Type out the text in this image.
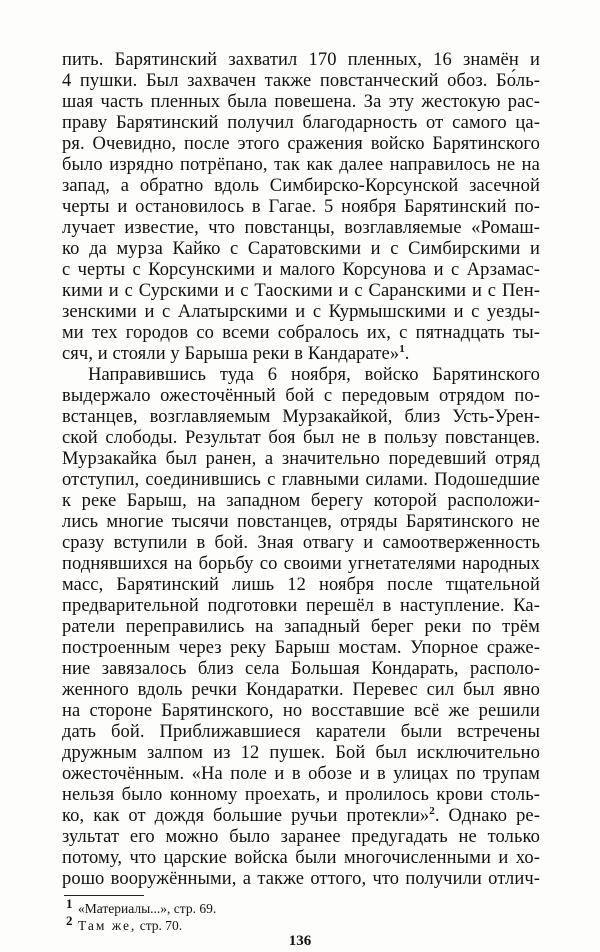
пить. Барятинский захватил 170 пленных, 16 знамён и
4 пушки. Был захвачен также повстанческий обоз. Бо́ль-
шая часть пленных была повешена. За эту жестокую рас-
праву Барятинский получил благодарность от самого ца-
ря. Очевидно, после этого сражения войско Барятинского
было изрядно потрёпано, так как далее направилось не на
запад, а обратно вдоль Симбирско-Корсунской засечной
черты и остановилось в Гагае. 5 ноября Барятинский по-
лучает известие, что повстанцы, возглавляемые «Ромаш-
ко да мурза Кайко с Саратовскими и с Симбирскими и
с черты с Корсунскими и малого Корсунова и с Арзамас-
кими и с Сурскими и с Таоскими и с Саранскими и с Пен-
зенскими и с Алатырскими и с Курмышскими и с уезды-
ми тех городов со всеми собралось их, с пятнадцать ты-
сяч, и стояли у Барыша реки в Кандарате»$^1$.
Направившись туда 6 ноября, войско Барятинского
выдержало ожесточённый бой с передовым отрядом по-
встанцев, возглавляемым Мурзакайкой, близ Усть-Урен-
ской слободы. Результат боя был не в пользу повстанцев.
Мурзакайка был ранен, а значительно поредевший отряд
отступил, соединившись с главными силами. Подошедшие
к реке Барыш, на западном берегу которой расположи-
лись многие тысячи повстанцев, отряды Барятинского не
сразу вступили в бой. Зная отвагу и самоотверженность
поднявшихся на борьбу со своими угнетателями народных
масс, Барятинский лишь 12 ноября после тщательной
предварительной подготовки перешёл в наступление. Ка-
ратели переправились на западный берег реки по трём
построенным через реку Барыш мостам. Упорное сраже-
ние завязалось близ села Большая Кондарать, располо-
женного вдоль речки Кондаратки. Перевес сил был явно
на стороне Барятинского, но восставшие всё же решили
дать бой. Приближавшиеся каратели были встречены
дружным залпом из 12 пушек. Бой был исключительно
ожесточённым. «На поле и в обозе и в улицах по трупам
нельзя было конному проехать, и пролилось крови столь-
ко, как от дождя большие ручьи протекли»$^2$. Однако ре-
зультат его можно было заранее предугадать не только
потому, что царские войска были многочисленными и хо-
рошо вооружёнными, а также оттого, что получили отлич-
1 «Материалы...», стр. 69.
2 Там же, стр. 70.
136
